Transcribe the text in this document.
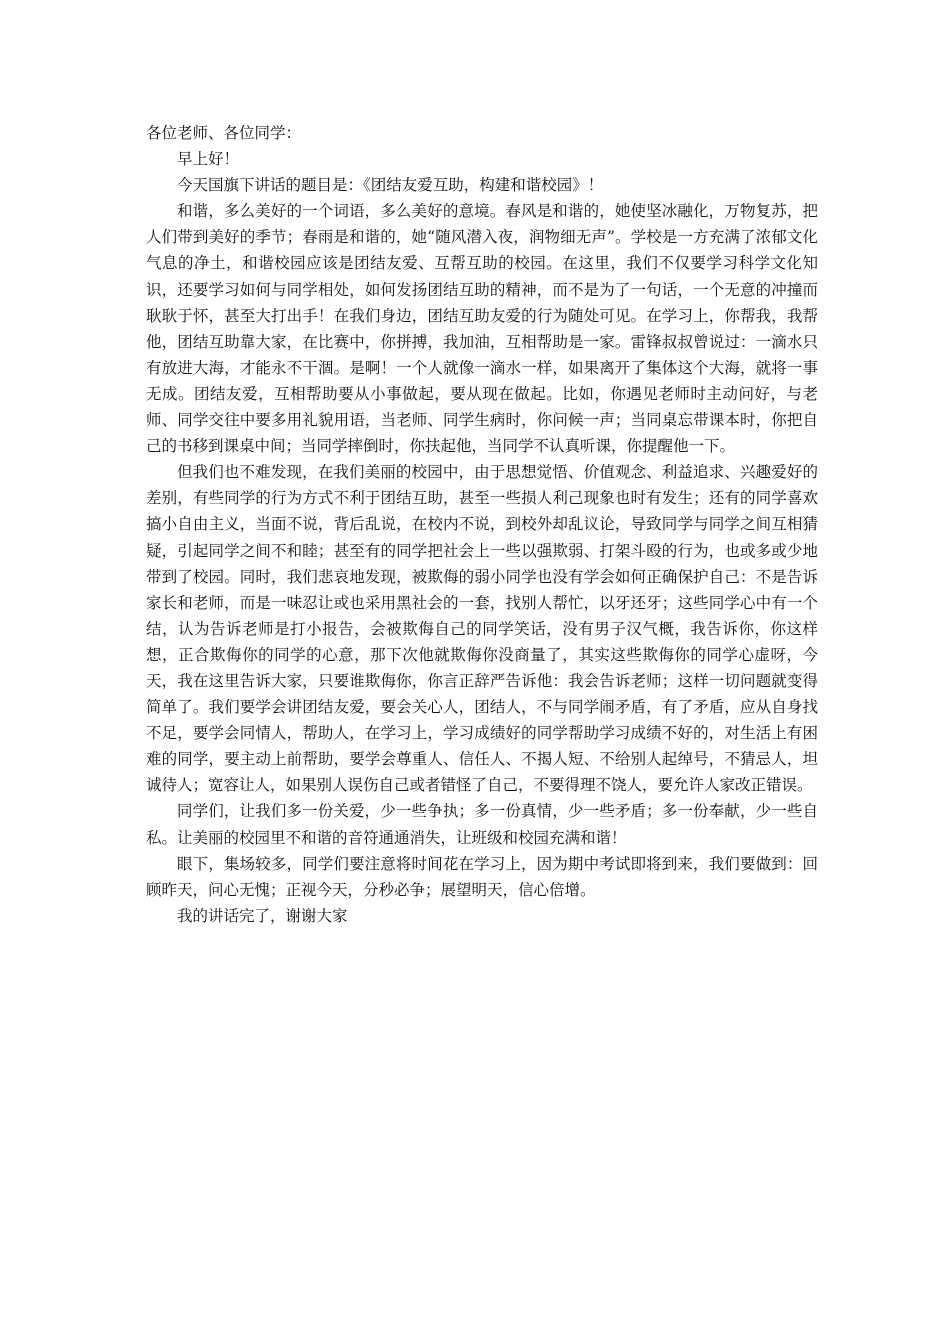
各位老师、各位同学：

早上好！

今天国旗下讲话的题目是：《团结友爱互助，构建和谐校园》！

和谐，多么美好的一个词语，多么美好的意境。春风是和谐的，她使坚冰融化，万物复苏，把人们带到美好的季节；春雨是和谐的，她“随风潜入夜，润物细无声”。学校是一方充满了浓郁文化气息的净土，和谐校园应该是团结友爱、互帮互助的校园。在这里，我们不仅要学习科学文化知识，还要学习如何与同学相处，如何发扬团结互助的精神，而不是为了一句话，一个无意的冲撞而耿耿于怀，甚至大打出手！在我们身边，团结互助友爱的行为随处可见。在学习上，你帮我，我帮他，团结互助靠大家，在比赛中，你拼搏，我加油，互相帮助是一家。雷锋叔叔曾说过：一滴水只有放进大海，才能永不干涸。是啊！一个人就像一滴水一样，如果离开了集体这个大海，就将一事无成。团结友爱，互相帮助要从小事做起，要从现在做起。比如，你遇见老师时主动问好，与老师、同学交往中要多用礼貌用语，当老师、同学生病时，你问候一声；当同桌忘带课本时，你把自己的书移到课桌中间；当同学摔倒时，你扶起他，当同学不认真听课，你提醒他一下。

但我们也不难发现，在我们美丽的校园中，由于思想觉悟、价值观念、利益追求、兴趣爱好的差别，有些同学的行为方式不利于团结互助，甚至一些损人利己现象也时有发生；还有的同学喜欢搞小自由主义，当面不说，背后乱说，在校内不说，到校外却乱议论，导致同学与同学之间互相猜疑，引起同学之间不和睦；甚至有的同学把社会上一些以强欺弱、打架斗殴的行为，也或多或少地带到了校园。同时，我们悲哀地发现，被欺侮的弱小同学也没有学会如何正确保护自己：不是告诉家长和老师，而是一味忍让或也采用黑社会的一套，找别人帮忙，以牙还牙；这些同学心中有一个结，认为告诉老师是打小报告，会被欺侮自己的同学笑话，没有男子汉气概，我告诉你，你这样想，正合欺侮你的同学的心意，那下次他就欺侮你没商量了，其实这些欺侮你的同学心虚呀，今天，我在这里告诉大家，只要谁欺侮你，你言正辞严告诉他：我会告诉老师；这样一切问题就变得简单了。我们要学会讲团结友爱，要会关心人，团结人，不与同学闹矛盾，有了矛盾，应从自身找不足，要学会同情人，帮助人，在学习上，学习成绩好的同学帮助学习成绩不好的，对生活上有困难的同学，要主动上前帮助，要学会尊重人、信任人、不揭人短、不给别人起绰号，不猜忌人，坦诚待人；宽容让人，如果别人误伤自己或者错怪了自己，不要得理不饶人，要允许人家改正错误。

同学们，让我们多一份关爱，少一些争执；多一份真情，少一些矛盾；多一份奉献，少一些自私。让美丽的校园里不和谐的音符通通消失，让班级和校园充满和谐！

眼下，集场较多，同学们要注意将时间花在学习上，因为期中考试即将到来，我们要做到：回顾昨天，问心无愧；正视今天，分秒必争；展望明天，信心倍增。

我的讲话完了，谢谢大家
